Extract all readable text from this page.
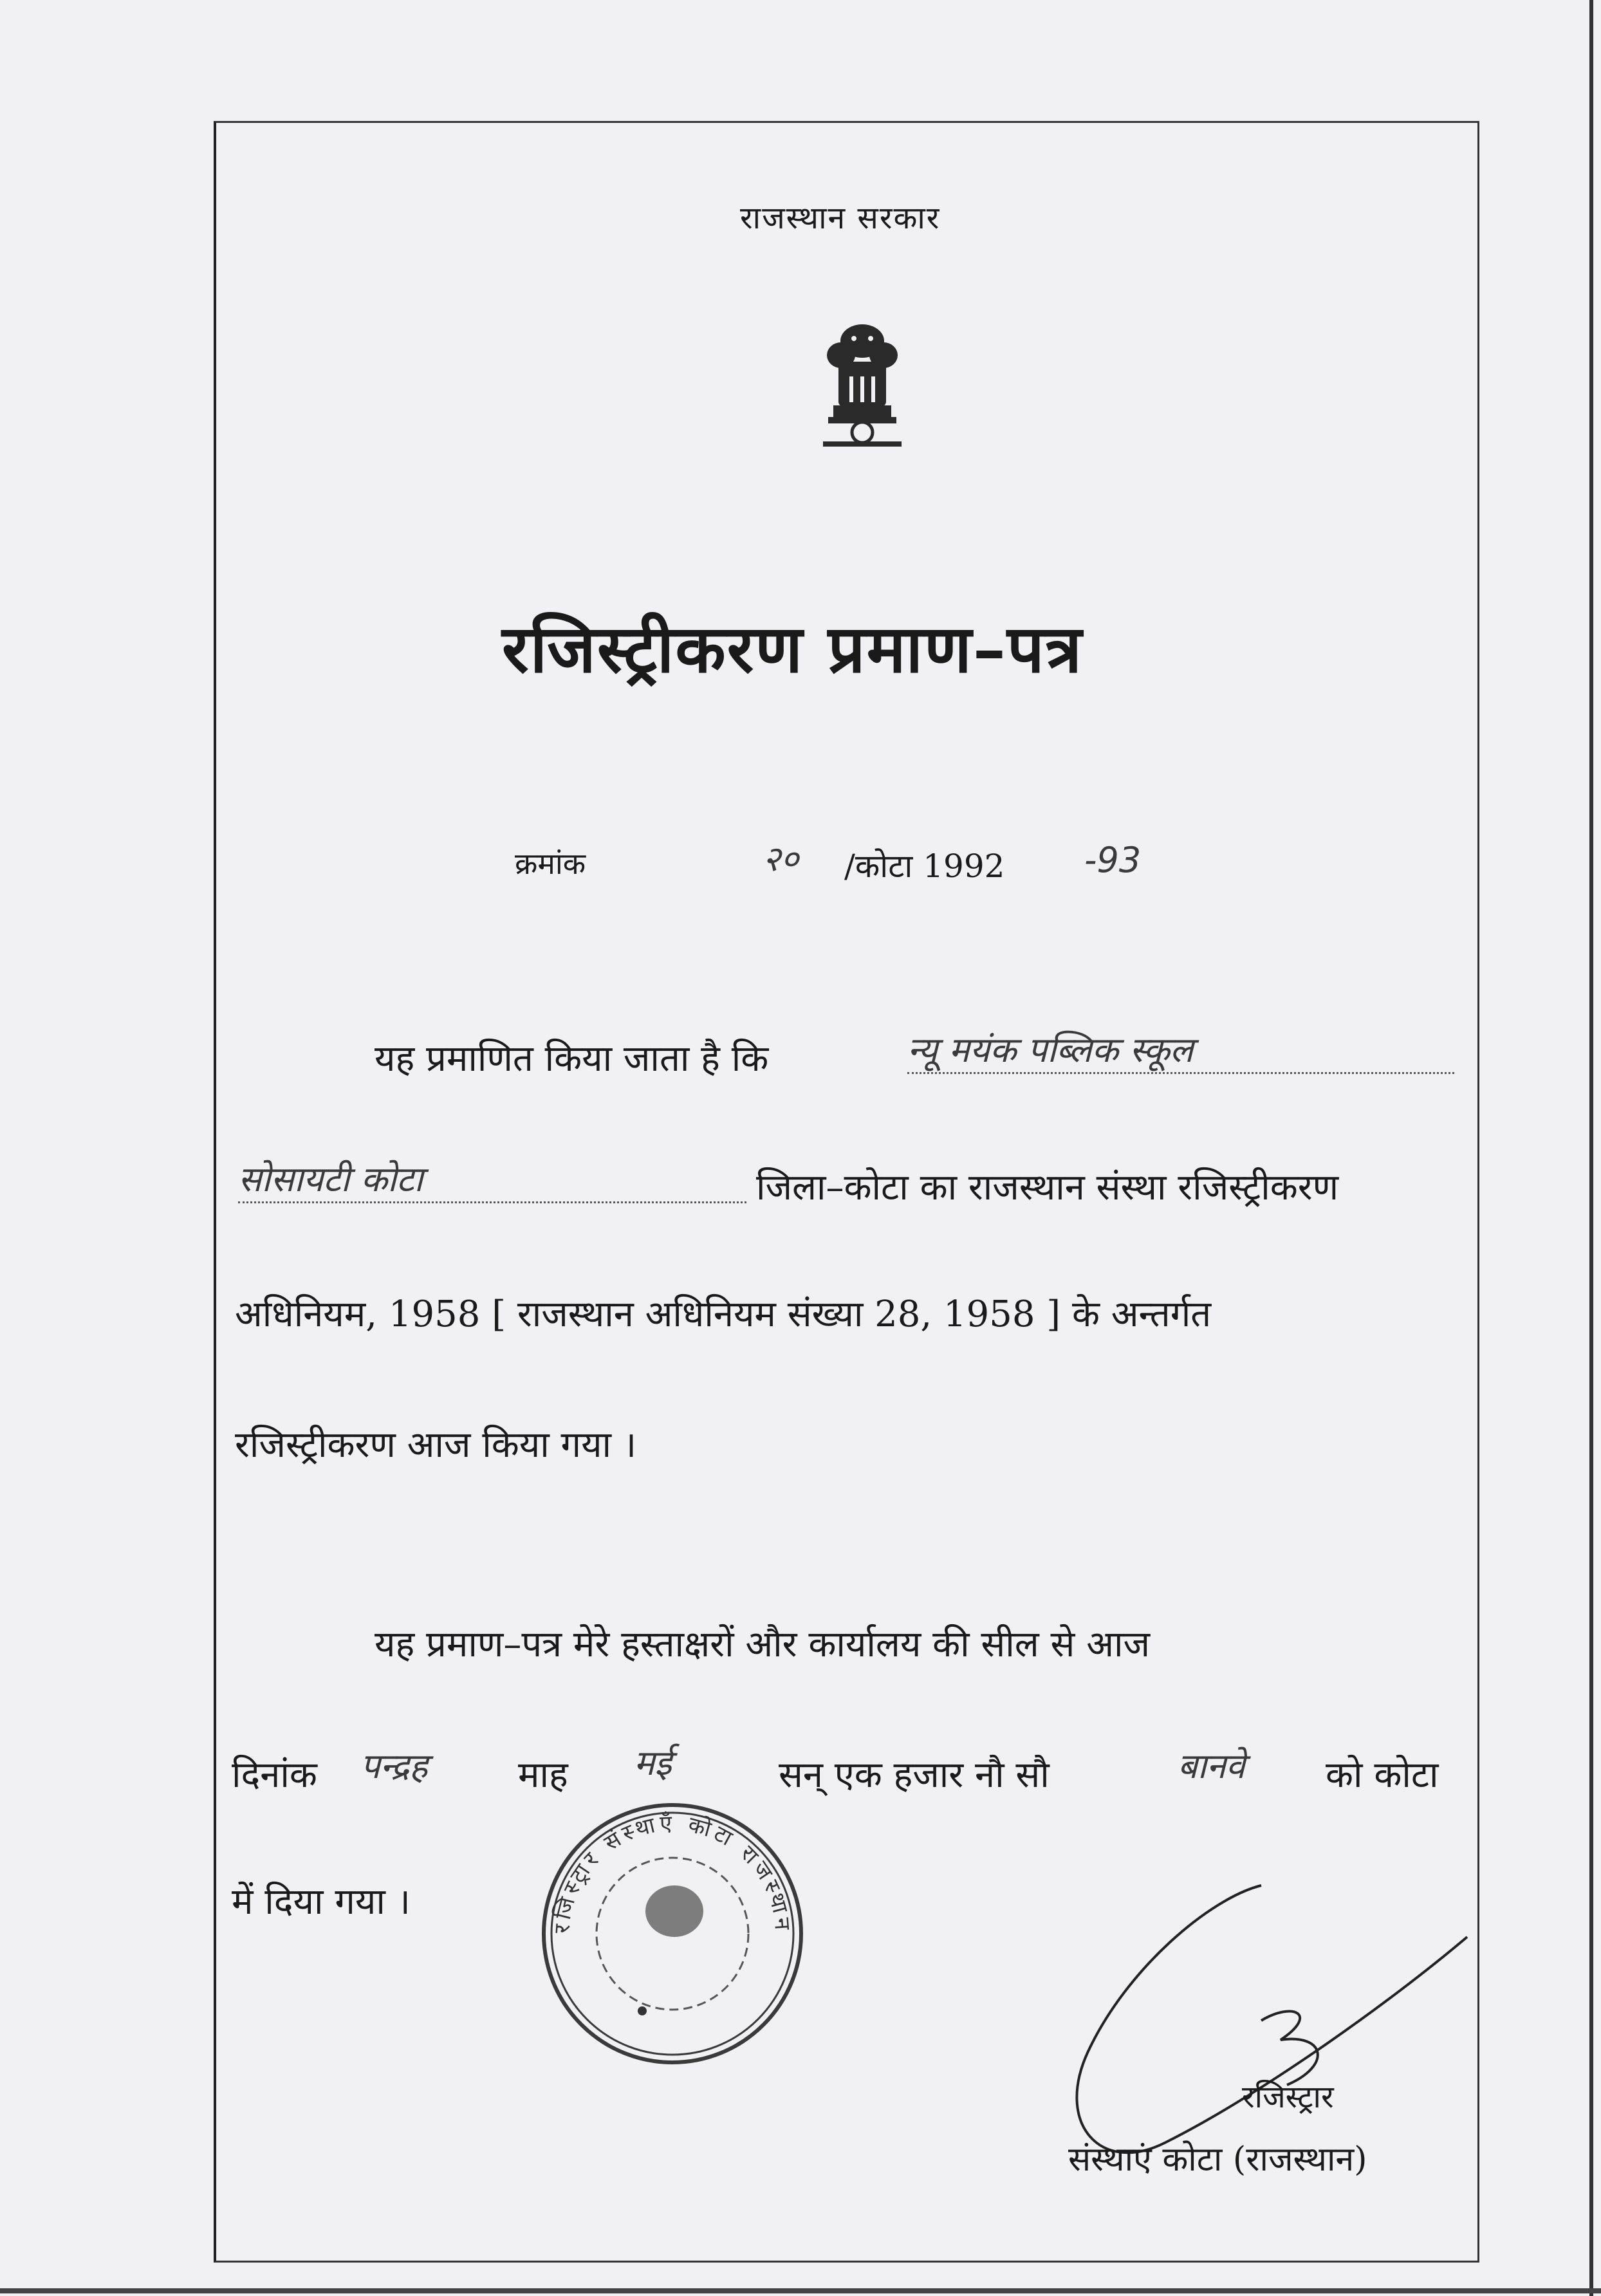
राजस्थान सरकार
रजिस्ट्रीकरण प्रमाण–पत्र
क्रमांक	२० /कोटा 1992 -93
यह प्रमाणित किया जाता है कि	न्यू मयंक पब्लिक स्कूल
सोसायटी कोटा	जिला–कोटा का राजस्थान संस्था रजिस्ट्रीकरण
अधिनियम, 1958 [ राजस्थान अधिनियम संख्या 28, 1958 ] के अन्तर्गत
रजिस्ट्रीकरण आज किया गया ।
यह प्रमाण–पत्र मेरे हस्ताक्षरों और कार्यालय की सील से आज
दिनांक पन्द्रह	माह मई	सन् एक हजार नौ सौ	बानवे को कोटा
में दिया गया ।
रजिस्ट्रार संस्थाएँ कोटा राजस्थान
रजिस्ट्रार
संस्थाएं कोटा (राजस्थान)
